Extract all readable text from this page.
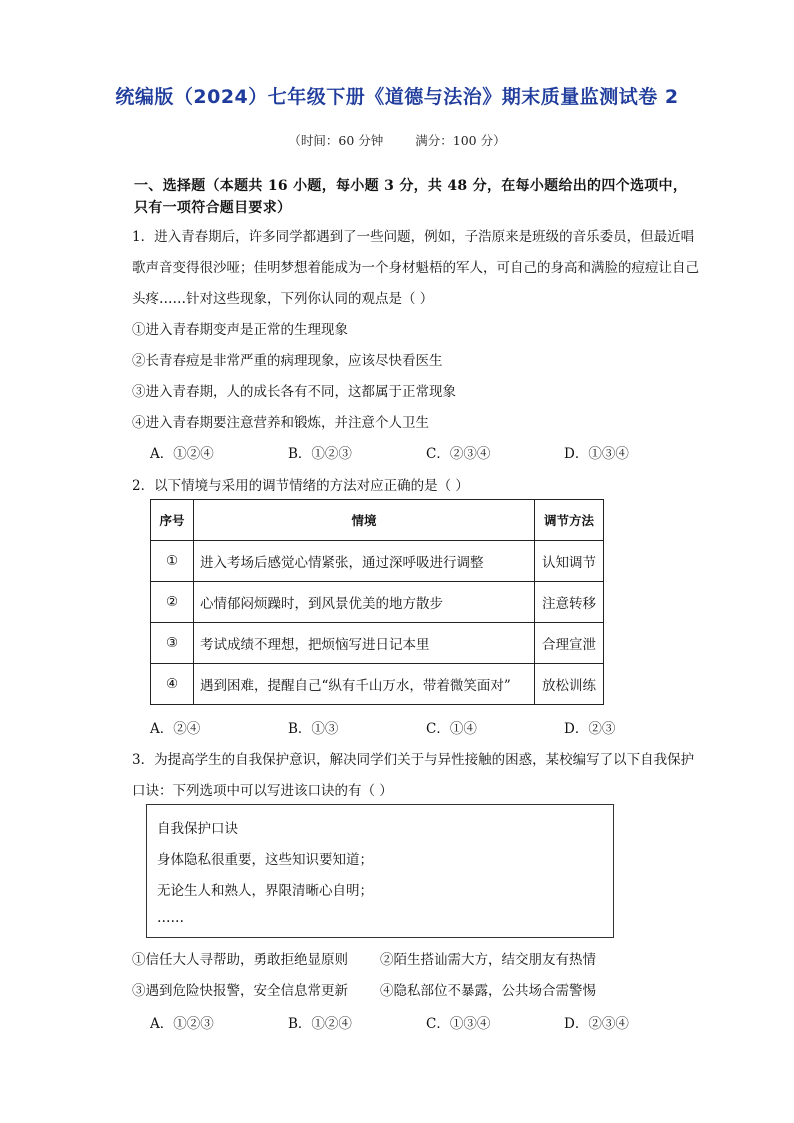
统编版（2024）七年级下册《道德与法治》期末质量监测试卷 2
（时间：60 分钟	满分：100 分）
一、选择题（本题共 16 小题，每小题 3 分，共 48 分，在每小题给出的四个选项中，
只有一项符合题目要求）
1．进入青春期后，许多同学都遇到了一些问题，例如，子浩原来是班级的音乐委员，但最近唱
歌声音变得很沙哑；佳明梦想着能成为一个身材魁梧的军人，可自己的身高和满脸的痘痘让自己
头疼……针对这些现象，下列你认同的观点是（ ）
①进入青春期变声是正常的生理现象
②长青春痘是非常严重的病理现象，应该尽快看医生
③进入青春期，人的成长各有不同，这都属于正常现象
④进入青春期要注意营养和锻炼，并注意个人卫生
A．①②④	B．①②③	C．②③④	D．①③④
2．以下情境与采用的调节情绪的方法对应正确的是（ ）
序号	情境	调节方法
①	进入考场后感觉心情紧张，通过深呼吸进行调整	认知调节
②	心情郁闷烦躁时，到风景优美的地方散步	注意转移
③	考试成绩不理想，把烦恼写进日记本里	合理宣泄
④	遇到困难，提醒自己“纵有千山万水，带着微笑面对”	放松训练
A．②④	B．①③	C．①④	D．②③
3．为提高学生的自我保护意识，解决同学们关于与异性接触的困惑，某校编写了以下自我保护
口诀：下列选项中可以写进该口诀的有（ ）
自我保护口诀
身体隐私很重要，这些知识要知道；
无论生人和熟人，界限清晰心自明；
……
①信任大人寻帮助，勇敢拒绝显原则 ②陌生搭讪需大方，结交朋友有热情
③遇到危险快报警，安全信息常更新 ④隐私部位不暴露，公共场合需警惕
A．①②③	B．①②④	C．①③④	D．②③④
